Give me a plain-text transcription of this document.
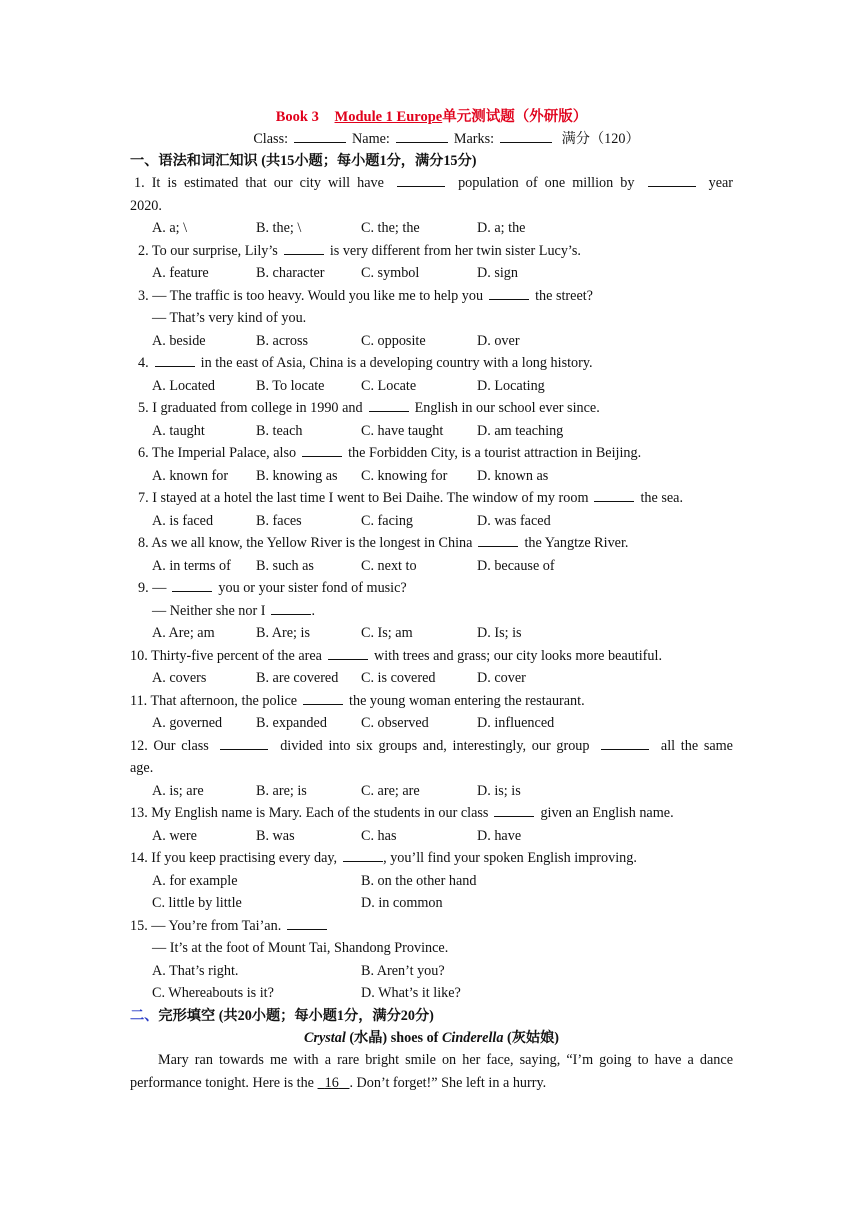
Book 3 Module 1 Europe单元测试题（外研版）
Class:	Name:	Marks:	满分（120）
一、语法和词汇知识 (共15小题；每小题1分，满分15分)
1. It is estimated that our city will have	population of one million by	year
2020.
A. a; \	B. the; \	C. the; the	D. a; the
2. To our surprise, Lily’s	is very different from her twin sister Lucy’s.
A. feature	B. character	C. symbol	D. sign
3. — The traffic is too heavy. Would you like me to help you	the street?
— That’s very kind of you.
A. beside	B. across	C. opposite	D. over
4.	in the east of Asia, China is a developing country with a long history.
A. Located	B. To locate	C. Locate	D. Locating
5. I graduated from college in 1990 and	English in our school ever since.
A. taught	B. teach	C. have taught D. am teaching
6. The Imperial Palace, also	the Forbidden City, is a tourist attraction in Beijing.
A. known for B. knowing as C. knowing for D. known as
7. I stayed at a hotel the last time I went to Bei Daihe. The window of my room	the sea.
A. is faced	B. faces	C. facing	D. was faced
8. As we all know, the Yellow River is the longest in China	the Yangtze River.
A. in terms of B. such as	C. next to	D. because of
9. —	you or your sister fond of music?
— Neither she nor I	.
A. Are; am	B. Are; is	C. Is; am	D. Is; is
10. Thirty-five percent of the area	with trees and grass; our city looks more beautiful.
A. covers	B. are covered C. is covered	D. cover
11. That afternoon, the police	the young woman entering the restaurant.
A. governed B. expanded C. observed	D. influenced
12. Our class	divided into six groups and, interestingly, our group	all the same
age.
A. is; are	B. are; is	C. are; are	D. is; is
13. My English name is Mary. Each of the students in our class	given an English name.
A. were	B. was	C. has	D. have
14. If you keep practising every day,	, you’ll find your spoken English improving.
A. for example	B. on the other hand
C. little by little	D. in common
15. — You’re from Tai’an.
— It’s at the foot of Mount Tai, Shandong Province.
A. That’s right.	B. Aren’t you?
C. Whereabouts is it?	D. What’s it like?
二、完形填空 (共20小题；每小题1分，满分20分)
Crystal (水晶) shoes of Cinderella (灰姑娘)
Mary ran towards me with a rare bright smile on her face, saying, “I’m going to have a dance
performance tonight. Here is the 16 . Don’t forget!” She left in a hurry.
